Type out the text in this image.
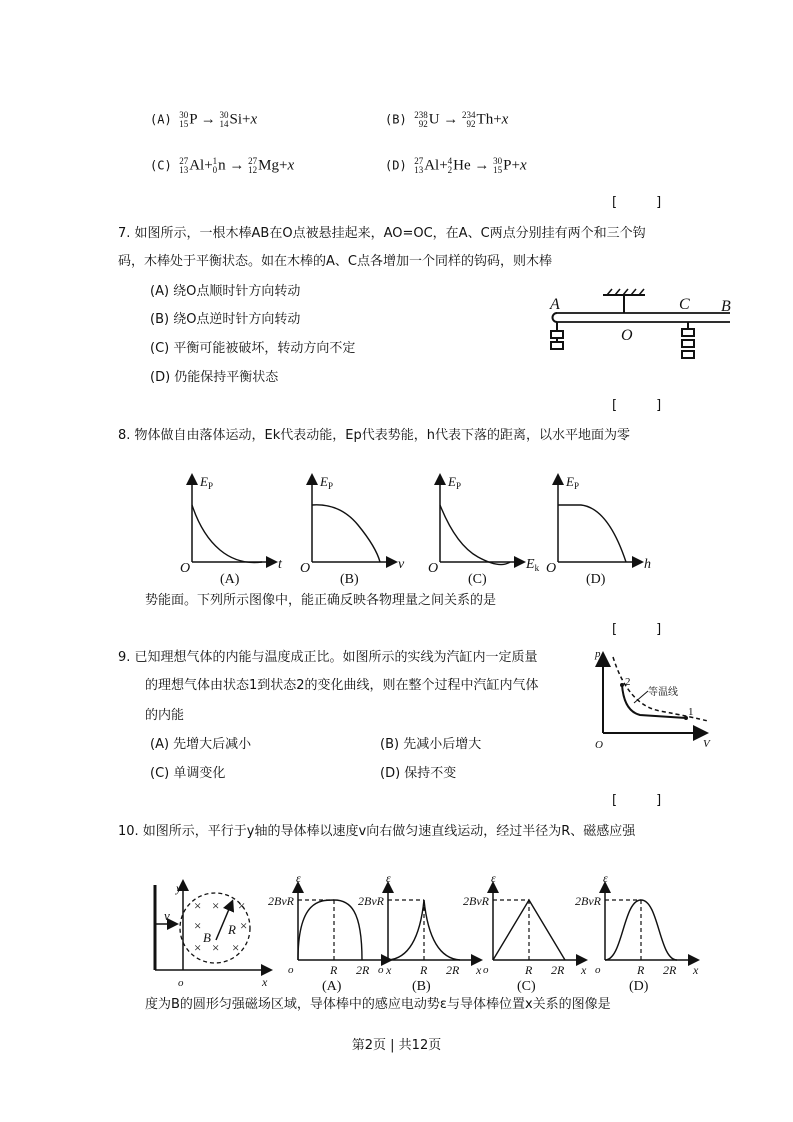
(A) 30
15 P → 30
14 Si+x	(B) 238
92 U → 234
92 Th+x
(C) 27
13 Al+ 1
0 n → 27
12 Mg+x	(D) 27
13 Al+ 4
2 He → 30
15 P+x
[　　　]
7. 如图所示，一根木棒AB在O点被悬挂起来，AO=OC，在A、C两点分别挂有两个和三个钩
码，木棒处于平衡状态。如在木棒的A、C点各增加一个同样的钩码，则木棒
(A) 绕O点顺时针方向转动
(B) 绕O点逆时针方向转动
(C) 平衡可能被破坏，转动方向不定
(D) 仍能保持平衡状态
A	C B
O
[　　　]
8. 物体做自由落体运动，Ek代表动能，Ep代表势能，h代表下落的距离，以水平地面为零
$E_P$
O	t
(A)
$E_P$
O	v
(B)
$E_P$
O	$E_k$
(C)
$E_P$
O	h
(D)
势能面。下列所示图像中，能正确反映各物理量之间关系的是
[　　　]
9. 已知理想气体的内能与温度成正比。如图所示的实线为汽缸内一定质量
的理想气体由状态1到状态2的变化曲线，则在整个过程中汽缸内气体
的内能
(A) 先增大后减小	(B) 先减小后增大
(C) 单调变化	(D) 保持不变
p
V
O
2
1
等温线
[　　　]
10. 如图所示，平行于y轴的导体棒以速度v向右做匀速直线运动，经过半径为R、磁感应强
y
x
o
v
B
R
× × ×
×	×
× × ×
ε
2BvR
o	R 2R x
(A)
ε
2BvR
o	R 2R x
(B)
ε
2BvR
o	R 2R x
(C)
ε
2BvR
o	R 2R x
(D)
度为B的圆形匀强磁场区域，导体棒中的感应电动势ε与导体棒位置x关系的图像是
第2页 | 共12页
